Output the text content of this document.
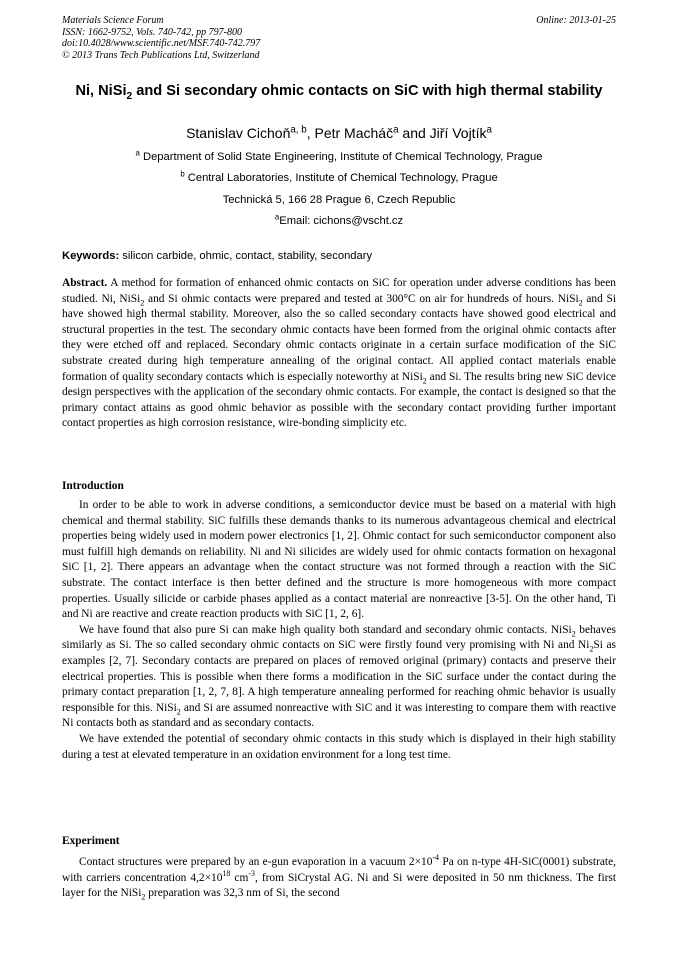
Materials Science Forum
ISSN: 1662-9752, Vols. 740-742, pp 797-800
doi:10.4028/www.scientific.net/MSF.740-742.797
© 2013 Trans Tech Publications Ltd, Switzerland
Online: 2013-01-25
Ni, NiSi$_2$ and Si secondary ohmic contacts on SiC with high thermal stability
Stanislav Cichoň$^{a, b}$, Petr Macháč$^a$ and Jiří Vojtík$^a$
$^a$ Department of Solid State Engineering, Institute of Chemical Technology, Prague
$^b$ Central Laboratories, Institute of Chemical Technology, Prague
Technická 5, 166 28 Prague 6, Czech Republic
$^a$Email: cichons@vscht.cz
Keywords: silicon carbide, ohmic, contact, stability, secondary

Abstract. A method for formation of enhanced ohmic contacts on SiC for operation under adverse conditions has been studied. Ni, NiSi$_2$ and Si ohmic contacts were prepared and tested at 300°C on air for hundreds of hours. NiSi$_2$ and Si have showed high thermal stability. Moreover, also the so called secondary contacts have showed good electrical and structural properties in the test. The secondary ohmic contacts have been formed from the original ohmic contacts after they were etched off and replaced. Secondary ohmic contacts originate in a certain surface modification of the SiC substrate created during high temperature annealing of the original contact. All applied contact materials enable formation of quality secondary contacts which is especially noteworthy at NiSi$_2$ and Si. The results bring new SiC device design perspectives with the application of the secondary ohmic contacts. For example, the contact is designed so that the primary contact attains as good ohmic behavior as possible with the secondary contact providing further important contact properties as high corrosion resistance, wire-bonding simplicity etc.

Introduction

In order to be able to work in adverse conditions, a semiconductor device must be based on a material with high chemical and thermal stability. SiC fulfills these demands thanks to its numerous advantageous chemical and electrical properties being widely used in modern power electronics [1, 2]. Ohmic contact for such semiconductor component also must fulfill high demands on reliability. Ni and Ni silicides are widely used for ohmic contacts formation on hexagonal SiC [1, 2]. There appears an advantage when the contact structure was not formed through a reaction with the SiC substrate. The contact interface is then better defined and the structure is more homogeneous with more compact properties. Usually silicide or carbide phases applied as a contact material are nonreactive [3-5]. On the other hand, Ti and Ni are reactive and create reaction products with SiC [1, 2, 6].

We have found that also pure Si can make high quality both standard and secondary ohmic contacts. NiSi$_2$ behaves similarly as Si. The so called secondary ohmic contacts on SiC were firstly found very promising with Ni and $Ni_2Si$ as examples [2, 7]. Secondary contacts are prepared on places of removed original (primary) contacts and preserve their electrical properties. This is possible when there forms a modification in the SiC surface under the contact during the primary contact preparation [1, 2, 7, 8]. A high temperature annealing performed for reaching ohmic behavior is usually responsible for this. NiSi$_2$ and Si are assumed nonreactive with SiC and it was interesting to compare them with reactive Ni contacts both as standard and as secondary contacts.

We have extended the potential of secondary ohmic contacts in this study which is displayed in their high stability during a test at elevated temperature in an oxidation environment for a long test time.

Experiment

Contact structures were prepared by an e-gun evaporation in a vacuum $2\times 10^{-4}$ Pa on n-type 4H-SiC(0001) substrate, with carriers concentration $4,2\times 10^{18}$ $cm^{-3}$, from SiCrystal AG. Ni and Si were deposited in 50 nm thickness. The first layer for the NiSi$_2$ preparation was 32,3 nm of Si, the second
